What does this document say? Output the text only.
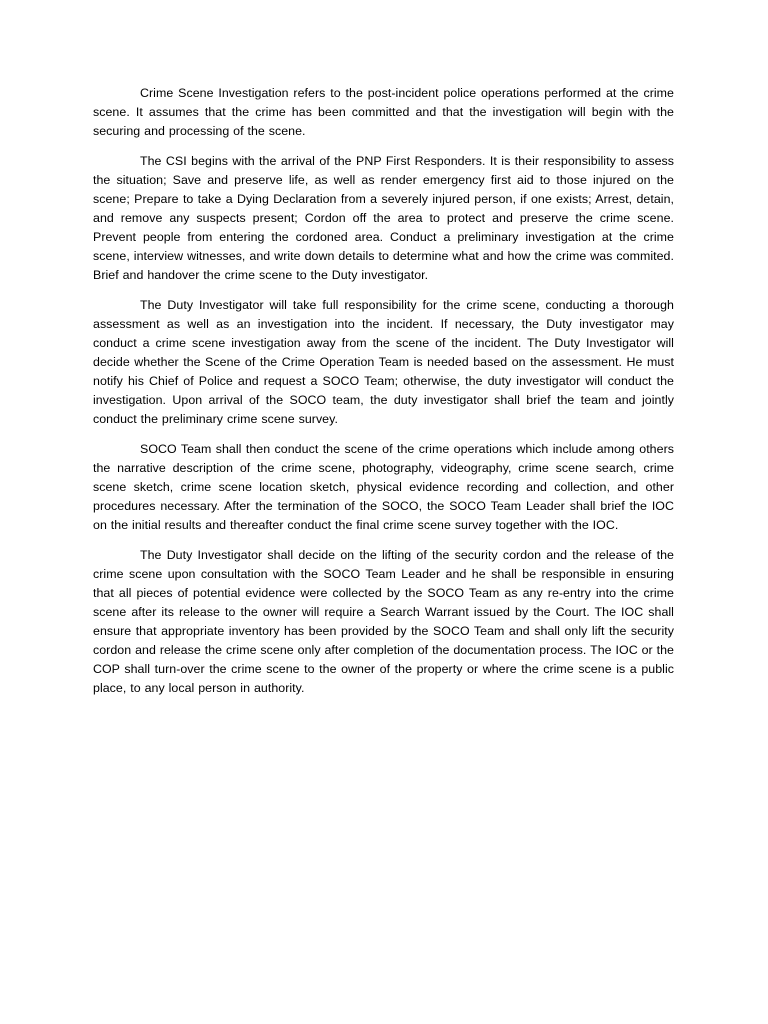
Crime Scene Investigation refers to the post-incident police operations performed at the crime scene. It assumes that the crime has been committed and that the investigation will begin with the securing and processing of the scene.

The CSI begins with the arrival of the PNP First Responders. It is their responsibility to assess the situation; Save and preserve life, as well as render emergency first aid to those injured on the scene; Prepare to take a Dying Declaration from a severely injured person, if one exists; Arrest, detain, and remove any suspects present; Cordon off the area to protect and preserve the crime scene. Prevent people from entering the cordoned area. Conduct a preliminary investigation at the crime scene, interview witnesses, and write down details to determine what and how the crime was commited. Brief and handover the crime scene to the Duty investigator.

The Duty Investigator will take full responsibility for the crime scene, conducting a thorough assessment as well as an investigation into the incident. If necessary, the Duty investigator may conduct a crime scene investigation away from the scene of the incident. The Duty Investigator will decide whether the Scene of the Crime Operation Team is needed based on the assessment. He must notify his Chief of Police and request a SOCO Team; otherwise, the duty investigator will conduct the investigation. Upon arrival of the SOCO team, the duty investigator shall brief the team and jointly conduct the preliminary crime scene survey.

SOCO Team shall then conduct the scene of the crime operations which include among others the narrative description of the crime scene, photography, videography, crime scene search, crime scene sketch, crime scene location sketch, physical evidence recording and collection, and other procedures necessary. After the termination of the SOCO, the SOCO Team Leader shall brief the IOC on the initial results and thereafter conduct the final crime scene survey together with the IOC.

The Duty Investigator shall decide on the lifting of the security cordon and the release of the crime scene upon consultation with the SOCO Team Leader and he shall be responsible in ensuring that all pieces of potential evidence were collected by the SOCO Team as any re-entry into the crime scene after its release to the owner will require a Search Warrant issued by the Court. The IOC shall ensure that appropriate inventory has been provided by the SOCO Team and shall only lift the security cordon and release the crime scene only after completion of the documentation process. The IOC or the COP shall turn-over the crime scene to the owner of the property or where the crime scene is a public place, to any local person in authority.
